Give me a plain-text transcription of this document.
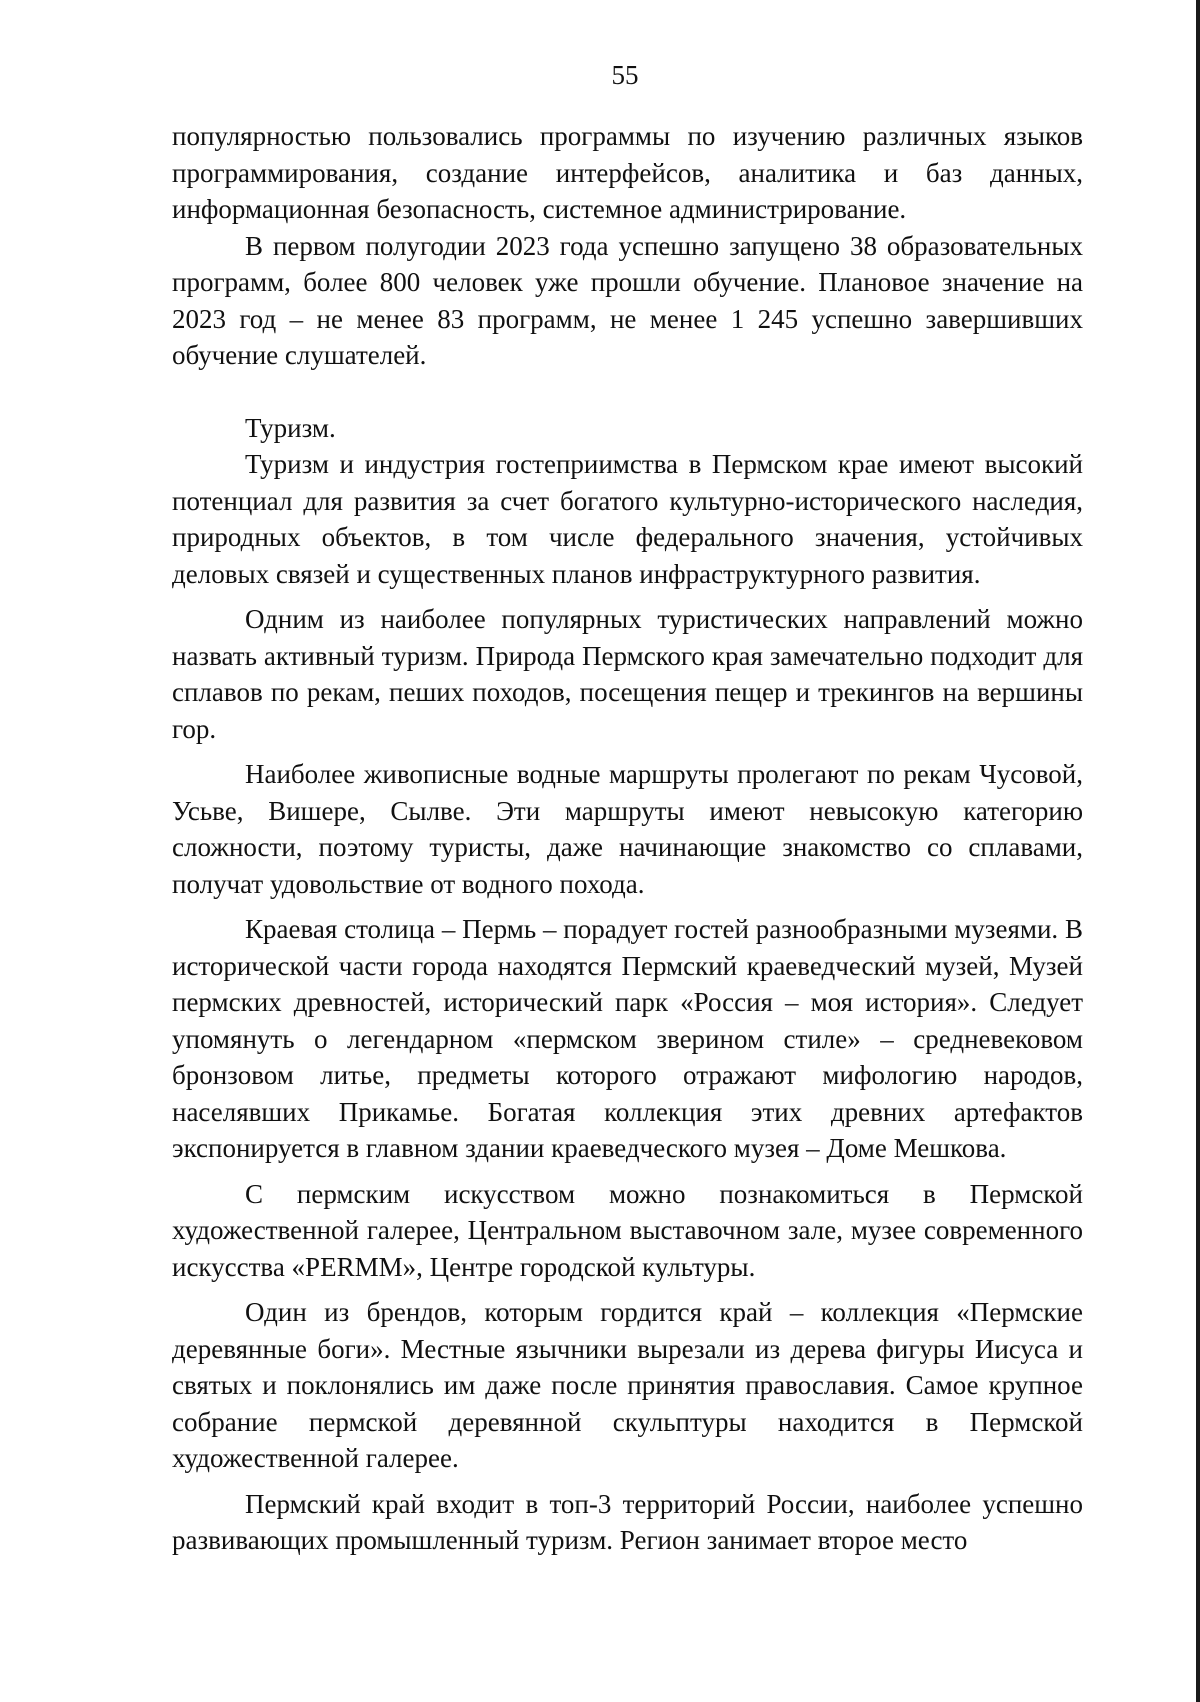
55

популярностью пользовались программы по изучению различных языков программирования, создание интерфейсов, аналитика и баз данных, информационная безопасность, системное администрирование.

В первом полугодии 2023 года успешно запущено 38 образовательных программ, более 800 человек уже прошли обучение. Плановое значение на 2023 год – не менее 83 программ, не менее 1 245 успешно завершивших обучение слушателей.

Туризм.

Туризм и индустрия гостеприимства в Пермском крае имеют высокий потенциал для развития за счет богатого культурно-исторического наследия, природных объектов, в том числе федерального значения, устойчивых деловых связей и существенных планов инфраструктурного развития.

Одним из наиболее популярных туристических направлений можно назвать активный туризм. Природа Пермского края замечательно подходит для сплавов по рекам, пеших походов, посещения пещер и трекингов на вершины гор.

Наиболее живописные водные маршруты пролегают по рекам Чусовой, Усьве, Вишере, Сылве. Эти маршруты имеют невысокую категорию сложности, поэтому туристы, даже начинающие знакомство со сплавами, получат удовольствие от водного похода.

Краевая столица – Пермь – порадует гостей разнообразными музеями. В исторической части города находятся Пермский краеведческий музей, Музей пермских древностей, исторический парк «Россия – моя история». Следует упомянуть о легендарном «пермском зверином стиле» – средневековом бронзовом литье, предметы которого отражают мифологию народов, населявших Прикамье. Богатая коллекция этих древних артефактов экспонируется в главном здании краеведческого музея – Доме Мешкова.

С пермским искусством можно познакомиться в Пермской художественной галерее, Центральном выставочном зале, музее современного искусства «PERMM», Центре городской культуры.

Один из брендов, которым гордится край – коллекция «Пермские деревянные боги». Местные язычники вырезали из дерева фигуры Иисуса и святых и поклонялись им даже после принятия православия. Самое крупное собрание пермской деревянной скульптуры находится в Пермской художественной галерее.

Пермский край входит в топ-3 территорий России, наиболее успешно развивающих промышленный туризм. Регион занимает второе место
